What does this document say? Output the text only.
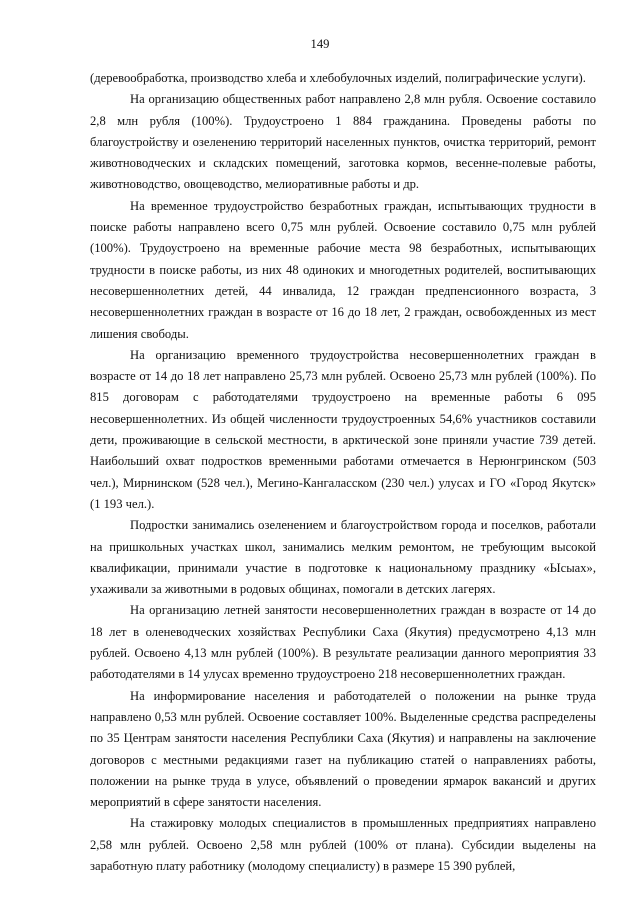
149

(деревообработка, производство хлеба и хлебобулочных изделий, полиграфические услуги).

На организацию общественных работ направлено 2,8 млн рубля. Освоение составило 2,8 млн рубля (100%). Трудоустроено 1 884 гражданина. Проведены работы по благоустройству и озеленению территорий населенных пунктов, очистка территорий, ремонт животноводческих и складских помещений, заготовка кормов, весенне-полевые работы, животноводство, овощеводство, мелиоративные работы и др.

На временное трудоустройство безработных граждан, испытывающих трудности в поиске работы направлено всего 0,75 млн рублей. Освоение составило 0,75 млн рублей (100%). Трудоустроено на временные рабочие места 98 безработных, испытывающих трудности в поиске работы, из них 48 одиноких и многодетных родителей, воспитывающих несовершеннолетних детей, 44 инвалида, 12 граждан предпенсионного возраста, 3 несовершеннолетних граждан в возрасте от 16 до 18 лет, 2 граждан, освобожденных из мест лишения свободы.

На организацию временного трудоустройства несовершеннолетних граждан в возрасте от 14 до 18 лет направлено 25,73 млн рублей. Освоено 25,73 млн рублей (100%). По 815 договорам с работодателями трудоустроено на временные работы 6 095 несовершеннолетних. Из общей численности трудоустроенных 54,6% участников составили дети, проживающие в сельской местности, в арктической зоне приняли участие 739 детей. Наибольший охват подростков временными работами отмечается в Нерюнгринском (503 чел.), Мирнинском (528 чел.), Мегино-Кангаласском (230 чел.) улусах и ГО «Город Якутск» (1 193 чел.).

Подростки занимались озеленением и благоустройством города и поселков, работали на пришкольных участках школ, занимались мелким ремонтом, не требующим высокой квалификации, принимали участие в подготовке к национальному празднику «Ысыах», ухаживали за животными в родовых общинах, помогали в детских лагерях.

На организацию летней занятости несовершеннолетних граждан в возрасте от 14 до 18 лет в оленеводческих хозяйствах Республики Саха (Якутия) предусмотрено 4,13 млн рублей. Освоено 4,13 млн рублей (100%). В результате реализации данного мероприятия 33 работодателями в 14 улусах временно трудоустроено 218 несовершеннолетних граждан.

На информирование населения и работодателей о положении на рынке труда направлено 0,53 млн рублей. Освоение составляет 100%. Выделенные средства распределены по 35 Центрам занятости населения Республики Саха (Якутия) и направлены на заключение договоров с местными редакциями газет на публикацию статей о направлениях работы, положении на рынке труда в улусе, объявлений о проведении ярмарок вакансий и других мероприятий в сфере занятости населения.

На стажировку молодых специалистов в промышленных предприятиях направлено 2,58 млн рублей. Освоено 2,58 млн рублей (100% от плана). Субсидии выделены на заработную плату работнику (молодому специалисту) в размере 15 390 рублей,
